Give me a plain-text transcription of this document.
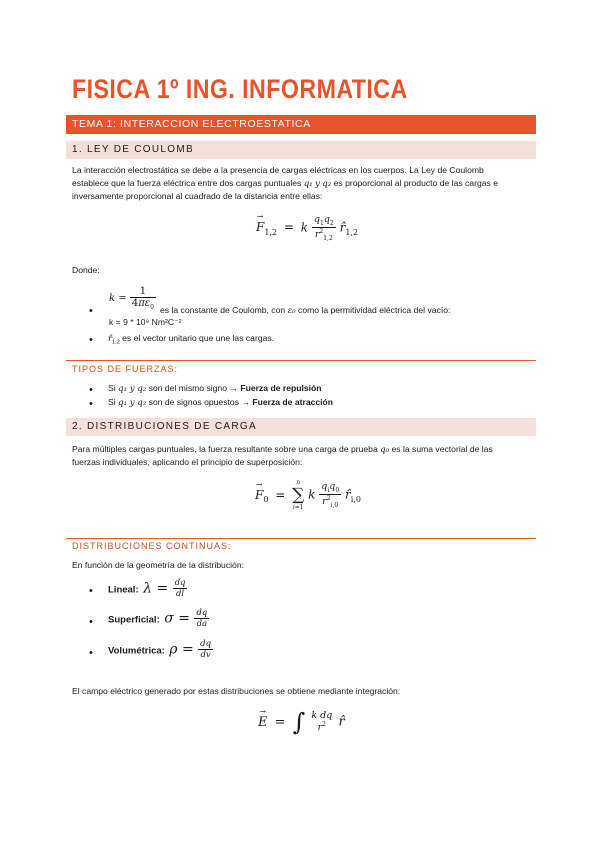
FISICA 1º ING. INFORMATICA
TEMA 1: INTERACCION ELECTROESTATICA
1. LEY DE COULOMB

La interacción electrostática se debe a la presencia de cargas eléctricas en los cuerpos. La Ley de Coulomb

establece que la fuerza eléctrica entre dos cargas puntuales q₁ y q₂ es proporcional al producto de las cargas e

inversamente proporcional al cuadrado de la distancia entre ellas:

→ $F_{1,2} = k \frac{q_1q_2}{r^2_{1,2}}$ $r̂_{1,2}$
Donde:
•
$k = \frac{1}{4\pi\varepsilon_0}$ es la constante de Coulomb, con ε₀ como la permitividad eléctrica del vacío:
k = 9 * 10⁹ Nm²C⁻²
• $r̂_{1,2}$ es el vector unitario que une las cargas.
TIPOS DE FUERZAS:
• Si q₁ y q₂ son del mismo signo → Fuerza de repulsión
• Si q₁ y q₂ son de signos opuestos → Fuerza de atracción
2. DISTRIBUCIONES DE CARGA

Para múltiples cargas puntuales, la fuerza resultante sobre una carga de prueba q₀ es la suma vectorial de las

fuerzas individuales, aplicando el principio de superposición:

→ $F_0$ =
n
∑
i=1
k $\frac{q_iq_0}{r^2_{i,0}}$ $r̂_{i,0}$
DISTRIBUCIONES CONTINUAS:
En función de la geometría de la distribución:
• Lineal: $\lambda = \frac{dq}{dl}$
• Superficial: $\sigma = \frac{dq}{da}$
• Volumétrica: $\rho = \frac{dq}{dv}$
El campo eléctrico generado por estas distribuciones se obtiene mediante integración:
→ E = ∫ k dq
$r^2$ r̂
